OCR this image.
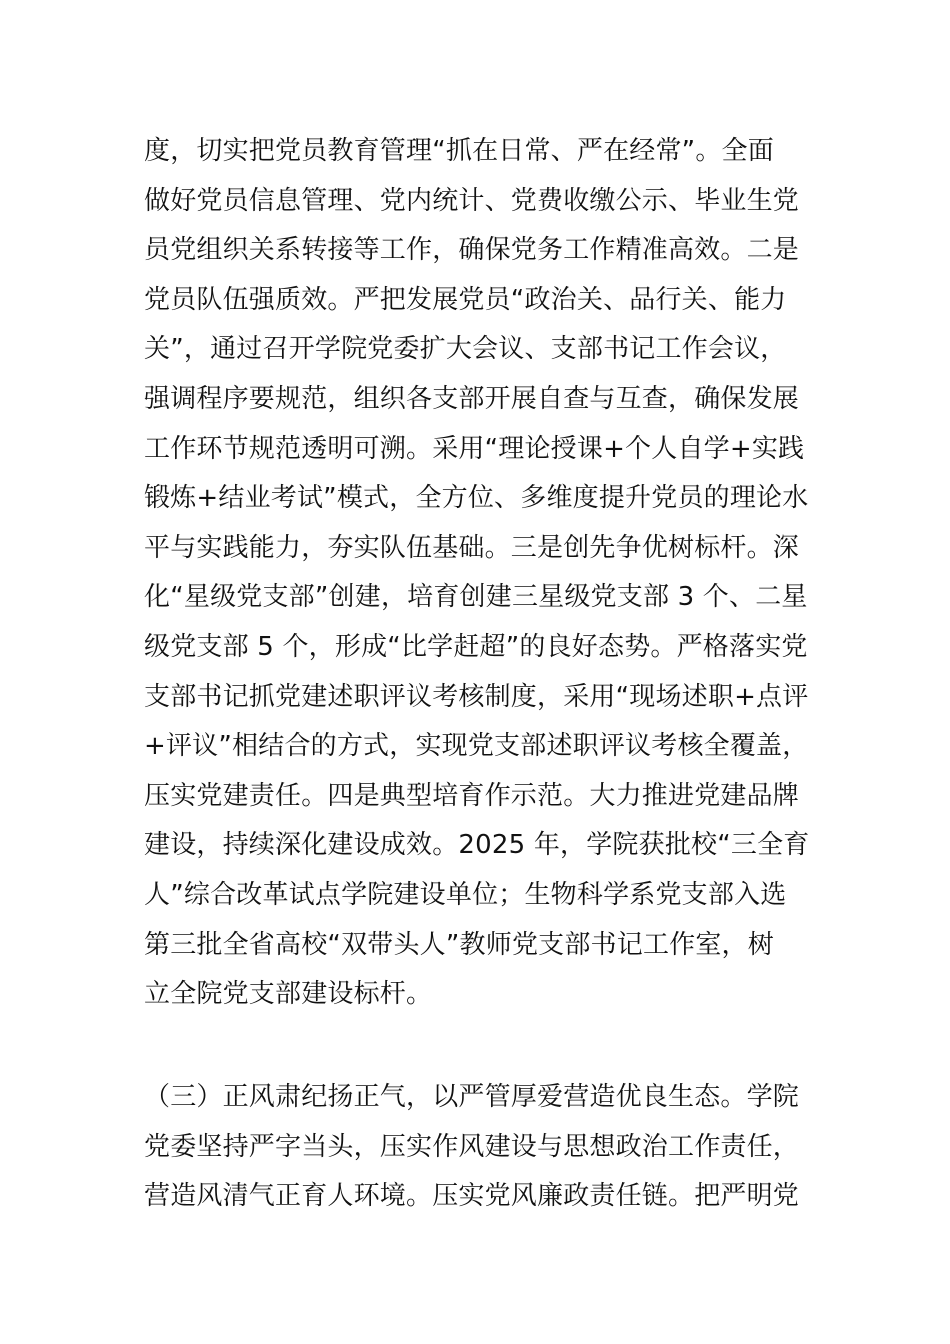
度，切实把党员教育管理“抓在日常、严在经常”。全面
做好党员信息管理、党内统计、党费收缴公示、毕业生党
员党组织关系转接等工作，确保党务工作精准高效。二是
党员队伍强质效。严把发展党员“政治关、品行关、能力
关”，通过召开学院党委扩大会议、支部书记工作会议，
强调程序要规范，组织各支部开展自查与互查，确保发展
工作环节规范透明可溯。采用“理论授课+个人自学+实践
锻炼+结业考试”模式，全方位、多维度提升党员的理论水
平与实践能力，夯实队伍基础。三是创先争优树标杆。深
化“星级党支部”创建，培育创建三星级党支部 3 个、二星
级党支部 5 个，形成“比学赶超”的良好态势。严格落实党
支部书记抓党建述职评议考核制度，采用“现场述职+点评
+评议”相结合的方式，实现党支部述职评议考核全覆盖，
压实党建责任。四是典型培育作示范。大力推进党建品牌
建设，持续深化建设成效。2025 年，学院获批校“三全育
人”综合改革试点学院建设单位；生物科学系党支部入选
第三批全省高校“双带头人”教师党支部书记工作室，树
立全院党支部建设标杆。
（三）正风肃纪扬正气，以严管厚爱营造优良生态。学院
党委坚持严字当头，压实作风建设与思想政治工作责任，
营造风清气正育人环境。压实党风廉政责任链。把严明党
